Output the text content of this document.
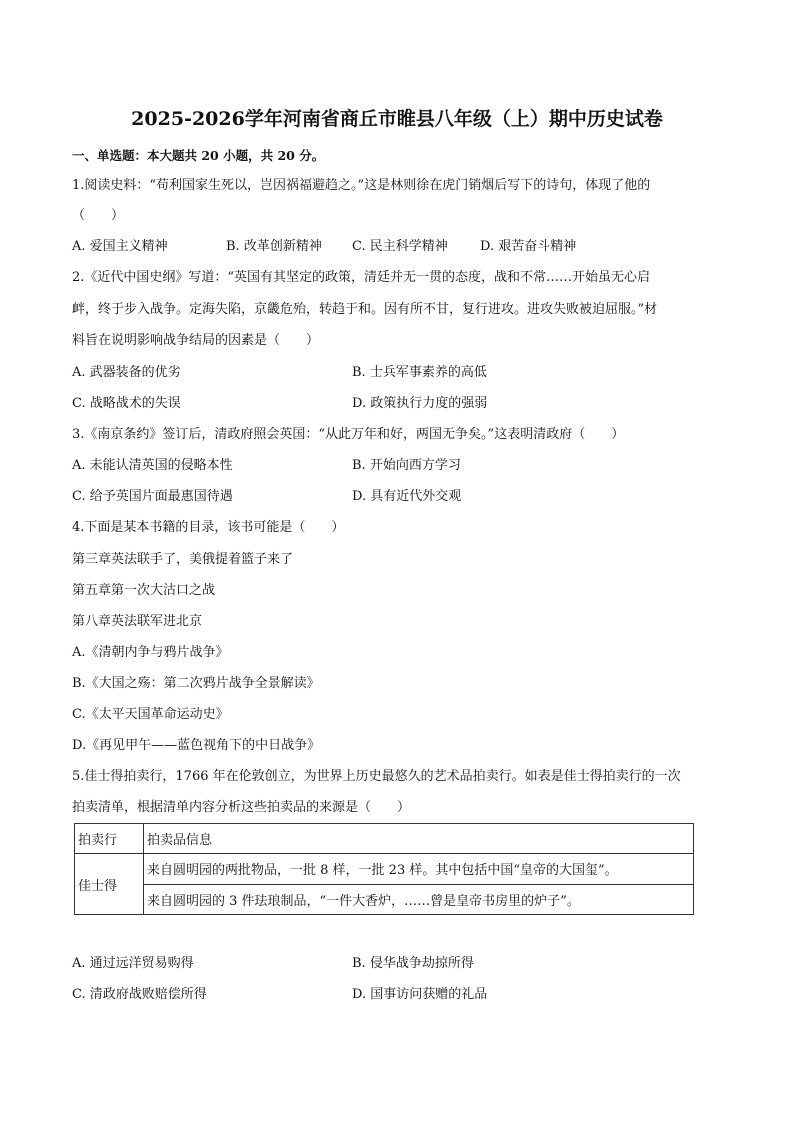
2025-2026学年河南省商丘市睢县八年级（上）期中历史试卷
一、单选题：本大题共 20 小题，共 20 分。
1.阅读史料：“苟利国家生死以，岂因祸福避趋之。”这是林则徐在虎门销烟后写下的诗句，体现了他的
（　　）
A. 爱国主义精神	B. 改革创新精神 C. 民主科学精神 D. 艰苦奋斗精神
2.《近代中国史纲》写道：“英国有其坚定的政策，清廷并无一贯的态度，战和不常……开始虽无心启
衅，终于步入战争。定海失陷，京畿危殆，转趋于和。因有所不甘，复行进攻。进攻失败被迫屈服。”材
料旨在说明影响战争结局的因素是（　　）
A. 武器装备的优劣	B. 士兵军事素养的高低
C. 战略战术的失误	D. 政策执行力度的强弱
3.《南京条约》签订后，清政府照会英国：“从此万年和好，两国无争矣。”这表明清政府（　　）
A. 未能认清英国的侵略本性	B. 开始向西方学习
C. 给予英国片面最惠国待遇	D. 具有近代外交观
4.下面是某本书籍的目录，该书可能是（　　）
第三章英法联手了，美俄提着篮子来了
第五章第一次大沽口之战
第八章英法联军进北京
A.《清朝内争与鸦片战争》
B.《大国之殇：第二次鸦片战争全景解读》
C.《太平天国革命运动史》
D.《再见甲午——蓝色视角下的中日战争》
5.佳士得拍卖行，1766 年在伦敦创立，为世界上历史最悠久的艺术品拍卖行。如表是佳士得拍卖行的一次
拍卖清单，根据清单内容分析这些拍卖品的来源是（　　）
拍卖行	拍卖品信息
佳士得	来自圆明园的两批物品，一批 8 样，一批 23 样。其中包括中国“皇帝的大国玺”。
	来自圆明园的 3 件珐琅制品，“一件大香炉，……曾是皇帝书房里的炉子”。
A. 通过远洋贸易购得	B. 侵华战争劫掠所得
C. 清政府战败赔偿所得	D. 国事访问获赠的礼品
